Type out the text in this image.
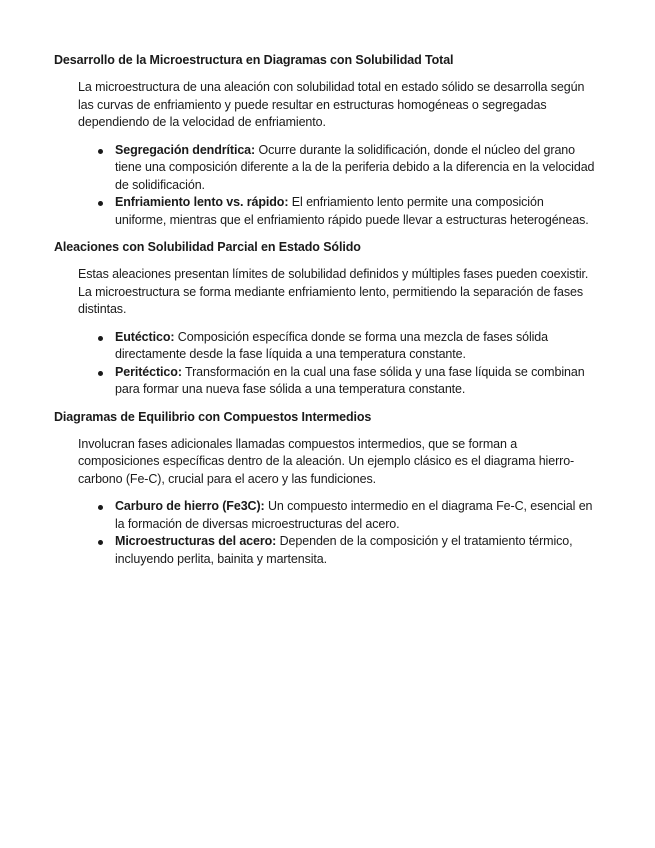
Desarrollo de la Microestructura en Diagramas con Solubilidad Total

La microestructura de una aleación con solubilidad total en estado sólido se desarrolla según las curvas de enfriamiento y puede resultar en estructuras homogéneas o segregadas dependiendo de la velocidad de enfriamiento.

Segregación dendrítica: Ocurre durante la solidificación, donde el núcleo del grano tiene una composición diferente a la de la periferia debido a la diferencia en la velocidad de solidificación.
Enfriamiento lento vs. rápido: El enfriamiento lento permite una composición uniforme, mientras que el enfriamiento rápido puede llevar a estructuras heterogéneas.
Aleaciones con Solubilidad Parcial en Estado Sólido

Estas aleaciones presentan límites de solubilidad definidos y múltiples fases pueden coexistir. La microestructura se forma mediante enfriamiento lento, permitiendo la separación de fases distintas.

Eutéctico: Composición específica donde se forma una mezcla de fases sólida directamente desde la fase líquida a una temperatura constante.
Peritéctico: Transformación en la cual una fase sólida y una fase líquida se combinan para formar una nueva fase sólida a una temperatura constante.
Diagramas de Equilibrio con Compuestos Intermedios

Involucran fases adicionales llamadas compuestos intermedios, que se forman a composiciones específicas dentro de la aleación. Un ejemplo clásico es el diagrama hierro-carbono (Fe-C), crucial para el acero y las fundiciones.

Carburo de hierro (Fe3C): Un compuesto intermedio en el diagrama Fe-C, esencial en la formación de diversas microestructuras del acero.
Microestructuras del acero: Dependen de la composición y el tratamiento térmico, incluyendo perlita, bainita y martensita.
